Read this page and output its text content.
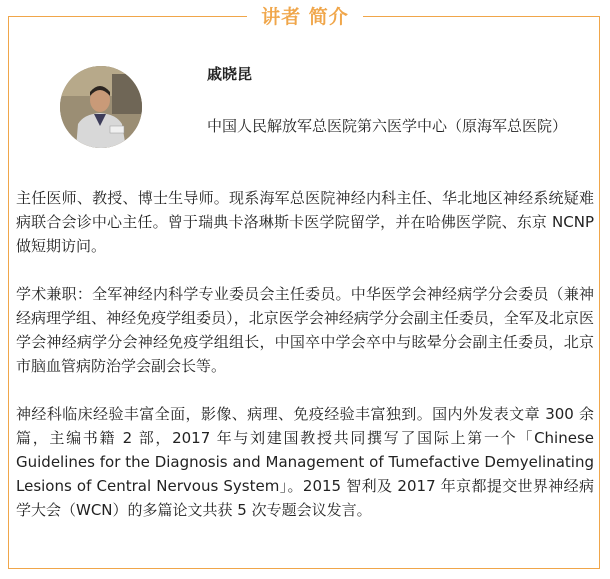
讲者 简介
戚晓昆
中国人民解放军总医院第六医学中心（原海军总医院）

主任医师、教授、博士生导师。现系海军总医院神经内科主任、华北地区神经系统疑难病联合会诊中心主任。曾于瑞典卡洛琳斯卡医学院留学，并在哈佛医学院、东京 NCNP 做短期访问。

学术兼职：全军神经内科学专业委员会主任委员。中华医学会神经病学分会委员（兼神经病理学组、神经免疫学组委员），北京医学会神经病学分会副主任委员，全军及北京医学会神经病学分会神经免疫学组组长，中国卒中学会卒中与眩晕分会副主任委员，北京市脑血管病防治学会副会长等。

神经科临床经验丰富全面，影像、病理、免疫经验丰富独到。国内外发表文章 300 余篇，主编书籍 2 部，2017 年与刘建国教授共同撰写了国际上第一个「Chinese Guidelines for the Diagnosis and Management of Tumefactive Demyelinating Lesions of Central Nervous System」。2015 智利及 2017 年京都提交世界神经病学大会（WCN）的多篇论文共获 5 次专题会议发言。
